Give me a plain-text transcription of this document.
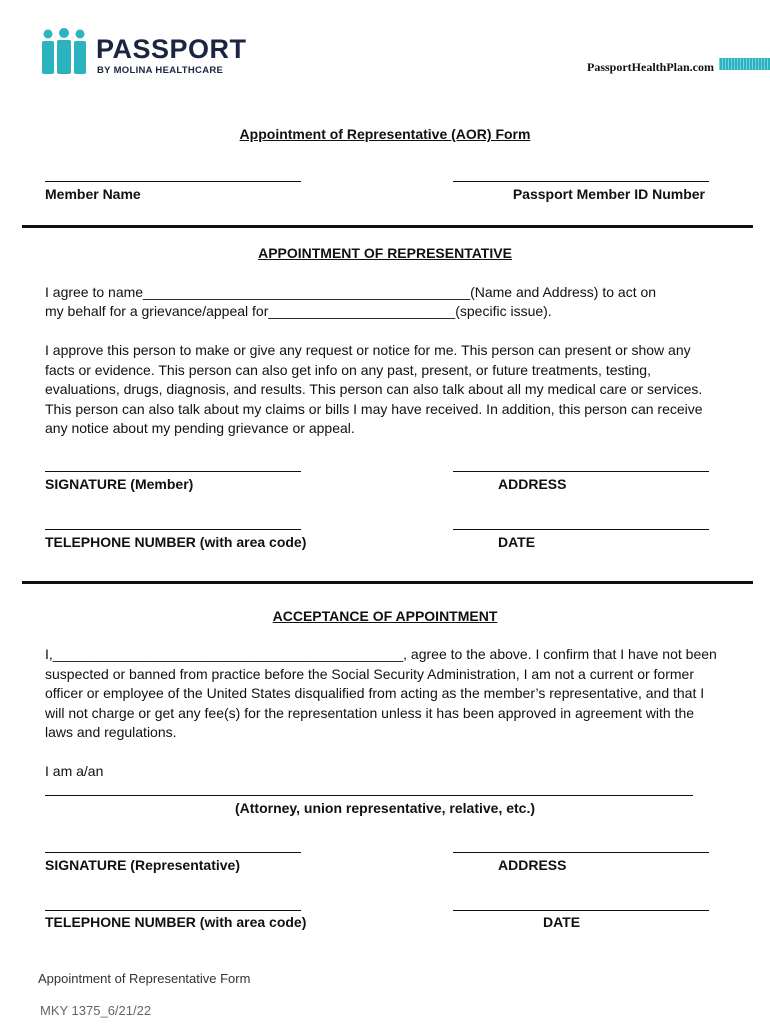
PASSPORT
BY MOLINA HEALTHCARE	PassportHealthPlan.com
Appointment of Representative (AOR) Form
Member Name	Passport Member ID Number
APPOINTMENT OF REPRESENTATIVE
I agree to name__________________________________________(Name and Address) to act on
my behalf for a grievance/appeal for________________________(specific issue).
I approve this person to make or give any request or notice for me. This person can present or show any facts or evidence. This person can also get info on any past, present, or future treatments, testing, evaluations, drugs, diagnosis, and results. This person can also talk about all my medical care or services. This person can also talk about my claims or bills I may have received. In addition, this person can receive any notice about my pending grievance or appeal.
SIGNATURE (Member)	ADDRESS
TELEPHONE NUMBER (with area code)	DATE
ACCEPTANCE OF APPOINTMENT
I,_____________________________________________, agree to the above. I confirm that I have not been suspected or banned from practice before the Social Security Administration, I am not a current or former officer or employee of the United States disqualified from acting as the member’s representative, and that I will not charge or get any fee(s) for the representation unless it has been approved in agreement with the laws and regulations.
I am a/an
(Attorney, union representative, relative, etc.)
SIGNATURE (Representative)	ADDRESS
TELEPHONE NUMBER (with area code)	DATE
Appointment of Representative Form
MKY 1375_6/21/22
